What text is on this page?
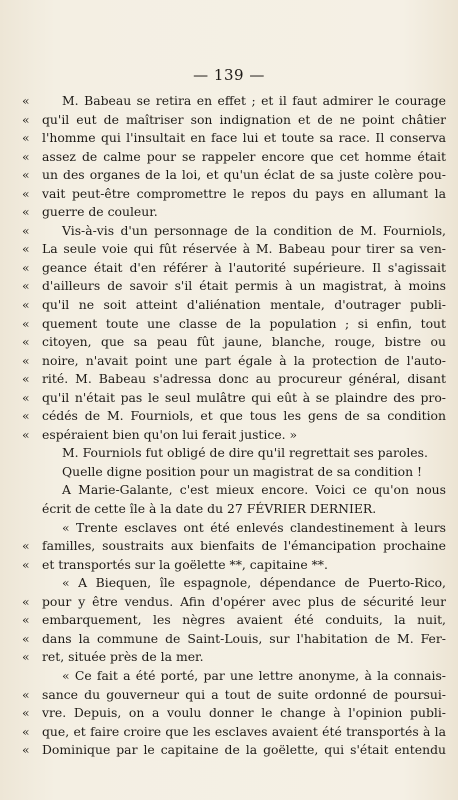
— 139 —
«	M. Babeau se retira en effet ; et il faut admirer le courage
«	qu'il eut de maîtriser son indignation et de ne point châtier
«	l'homme qui l'insultait en face lui et toute sa race. Il conserva
«	assez de calme pour se rappeler encore que cet homme était
«	un des organes de la loi, et qu'un éclat de sa juste colère pou-
«	vait peut-être compromettre le repos du pays en allumant la
«	guerre de couleur.
«	Vis-à-vis d'un personnage de la condition de M. Fourniols,
«	La seule voie qui fût réservée à M. Babeau pour tirer sa ven-
«	geance était d'en référer à l'autorité supérieure. Il s'agissait
«	d'ailleurs de savoir s'il était permis à un magistrat, à moins
«	qu'il ne soit atteint d'aliénation mentale, d'outrager publi-
«	quement toute une classe de la population ; si enfin, tout
«	citoyen, que sa peau fût jaune, blanche, rouge, bistre ou
«	noire, n'avait point une part égale à la protection de l'auto-
«	rité. M. Babeau s'adressa donc au procureur général, disant
«	qu'il n'était pas le seul mulâtre qui eût à se plaindre des pro-
«	cédés de M. Fourniols, et que tous les gens de sa condition
«	espéraient bien qu'on lui ferait justice. »
M. Fourniols fut obligé de dire qu'il regrettait ses paroles.
Quelle digne position pour un magistrat de sa condition !
A Marie-Galante, c'est mieux encore. Voici ce qu'on nous
écrit de cette île à la date du 27 FÉVRIER DERNIER.
« Trente esclaves ont été enlevés clandestinement à leurs
«	familles, soustraits aux bienfaits de l'émancipation prochaine
«	et transportés sur la goëlette **, capitaine **.
« A Biequen, île espagnole, dépendance de Puerto-Rico,
«	pour y être vendus. Afin d'opérer avec plus de sécurité leur
«	embarquement, les nègres avaient été conduits, la nuit,
«	dans la commune de Saint-Louis, sur l'habitation de M. Fer-
«	ret, située près de la mer.
« Ce fait a été porté, par une lettre anonyme, à la connais-
«	sance du gouverneur qui a tout de suite ordonné de poursui-
«	vre. Depuis, on a voulu donner le change à l'opinion publi-
«	que, et faire croire que les esclaves avaient été transportés à la
«	Dominique par le capitaine de la goëlette, qui s'était entendu
